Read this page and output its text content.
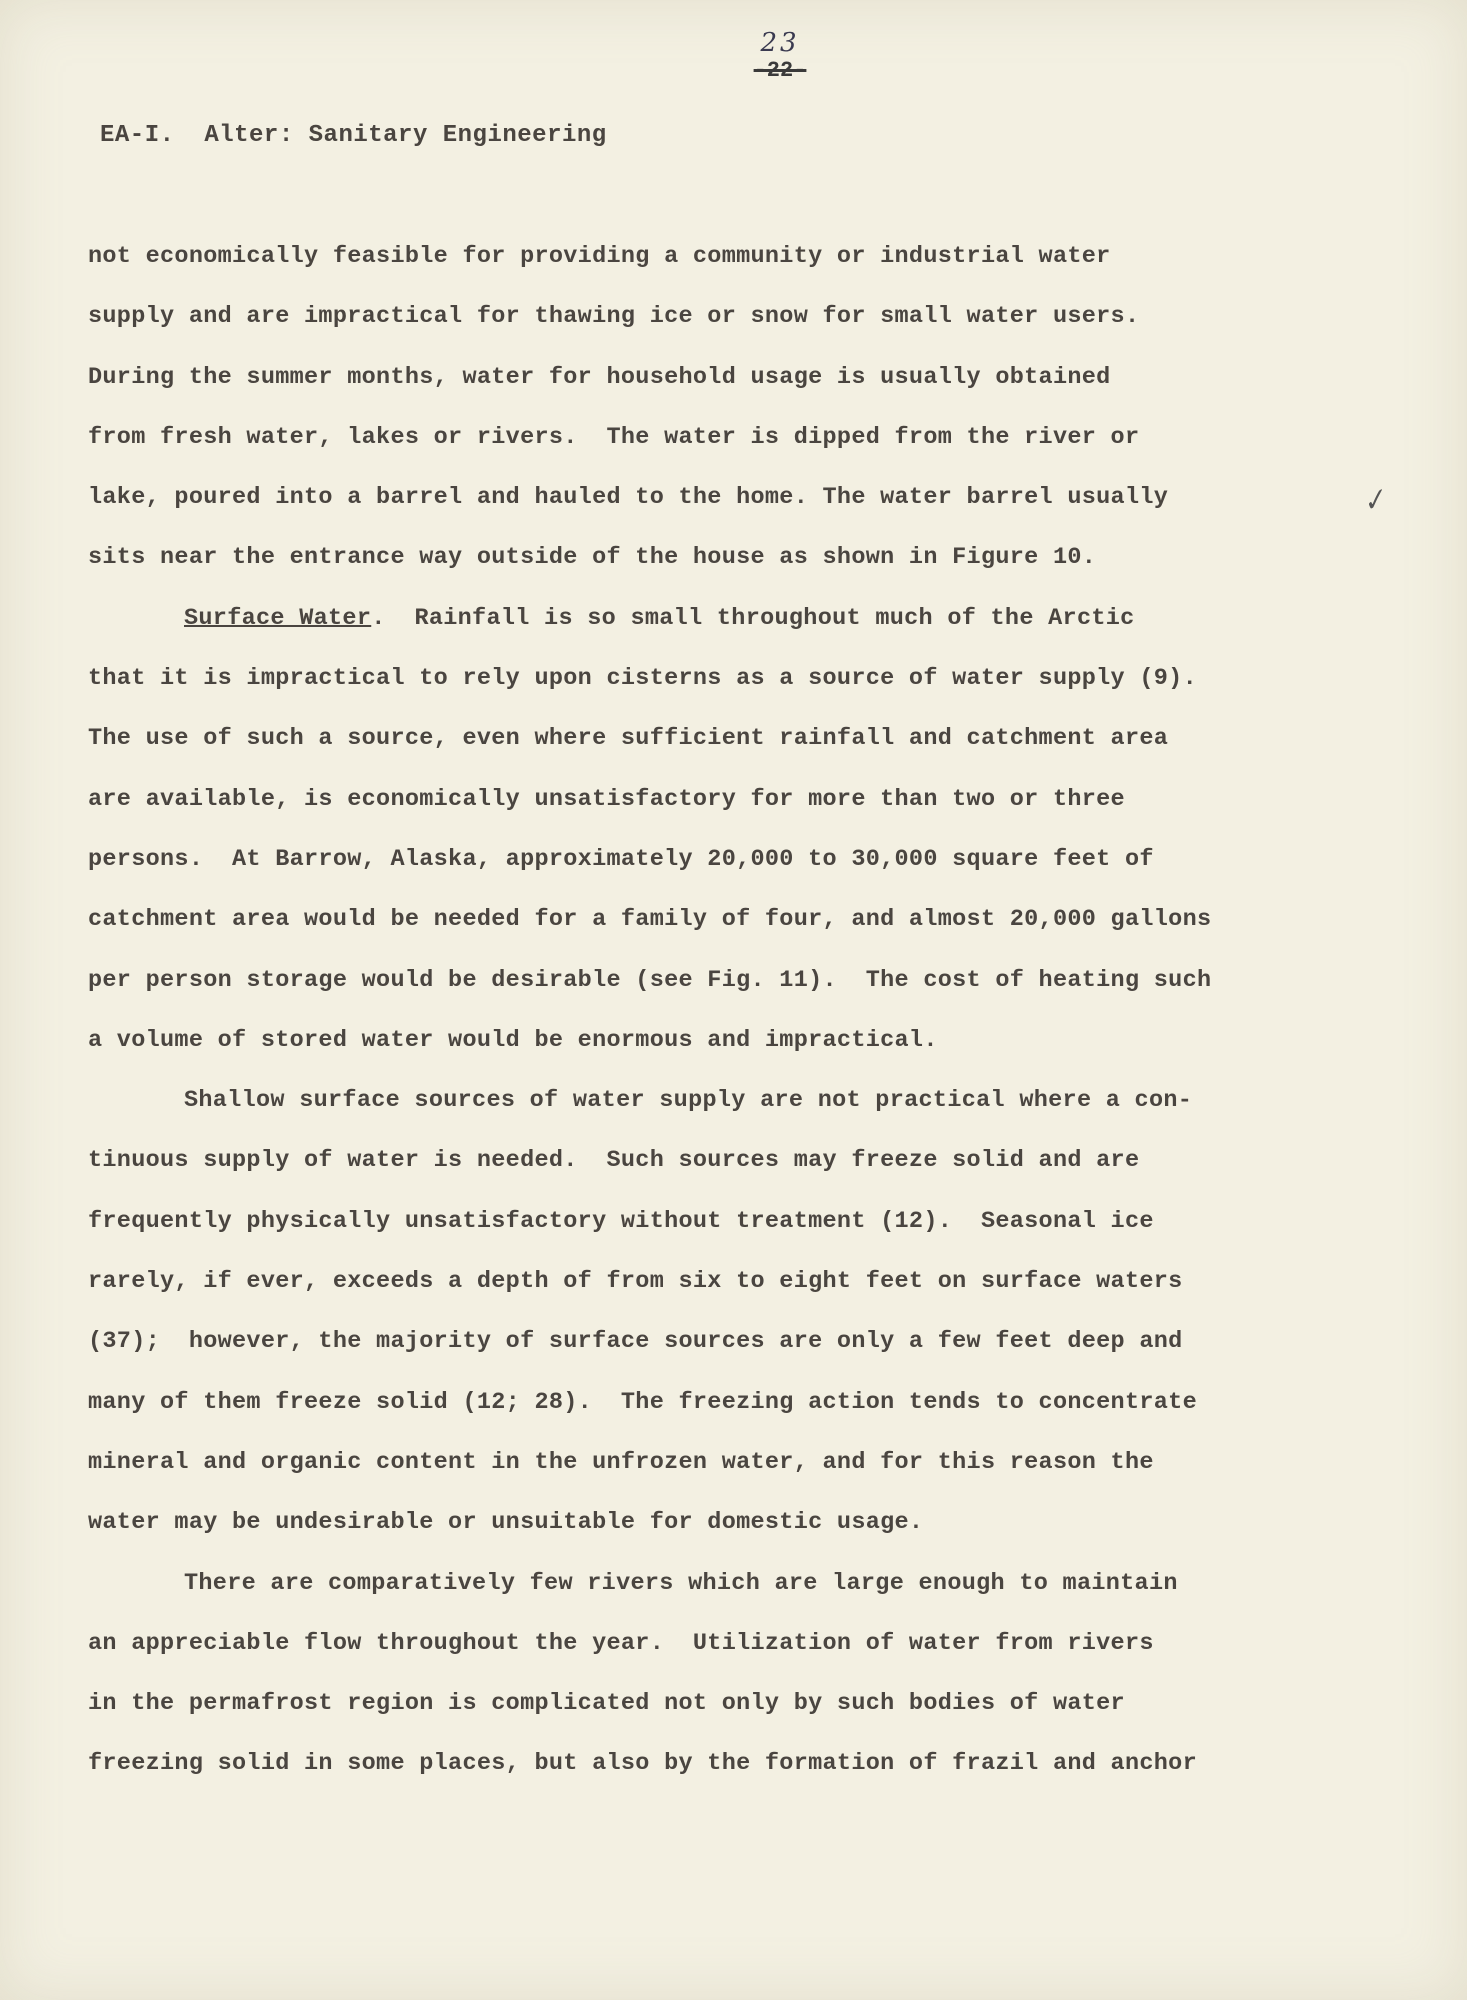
23
-22-
EA-I.  Alter: Sanitary Engineering
✓
not economically feasible for providing a community or industrial water
supply and are impractical for thawing ice or snow for small water users.
During the summer months, water for household usage is usually obtained
from fresh water, lakes or rivers.  The water is dipped from the river or
lake, poured into a barrel and hauled to the home. The water barrel usually
sits near the entrance way outside of the house as shown in Figure 10.
Surface Water.  Rainfall is so small throughout much of the Arctic
that it is impractical to rely upon cisterns as a source of water supply (9).
The use of such a source, even where sufficient rainfall and catchment area
are available, is economically unsatisfactory for more than two or three
persons.  At Barrow, Alaska, approximately 20,000 to 30,000 square feet of
catchment area would be needed for a family of four, and almost 20,000 gallons
per person storage would be desirable (see Fig. 11).  The cost of heating such
a volume of stored water would be enormous and impractical.
Shallow surface sources of water supply are not practical where a con-
tinuous supply of water is needed.  Such sources may freeze solid and are
frequently physically unsatisfactory without treatment (12).  Seasonal ice
rarely, if ever, exceeds a depth of from six to eight feet on surface waters
(37);  however, the majority of surface sources are only a few feet deep and
many of them freeze solid (12; 28).  The freezing action tends to concentrate
mineral and organic content in the unfrozen water, and for this reason the
water may be undesirable or unsuitable for domestic usage.
There are comparatively few rivers which are large enough to maintain
an appreciable flow throughout the year.  Utilization of water from rivers
in the permafrost region is complicated not only by such bodies of water
freezing solid in some places, but also by the formation of frazil and anchor
